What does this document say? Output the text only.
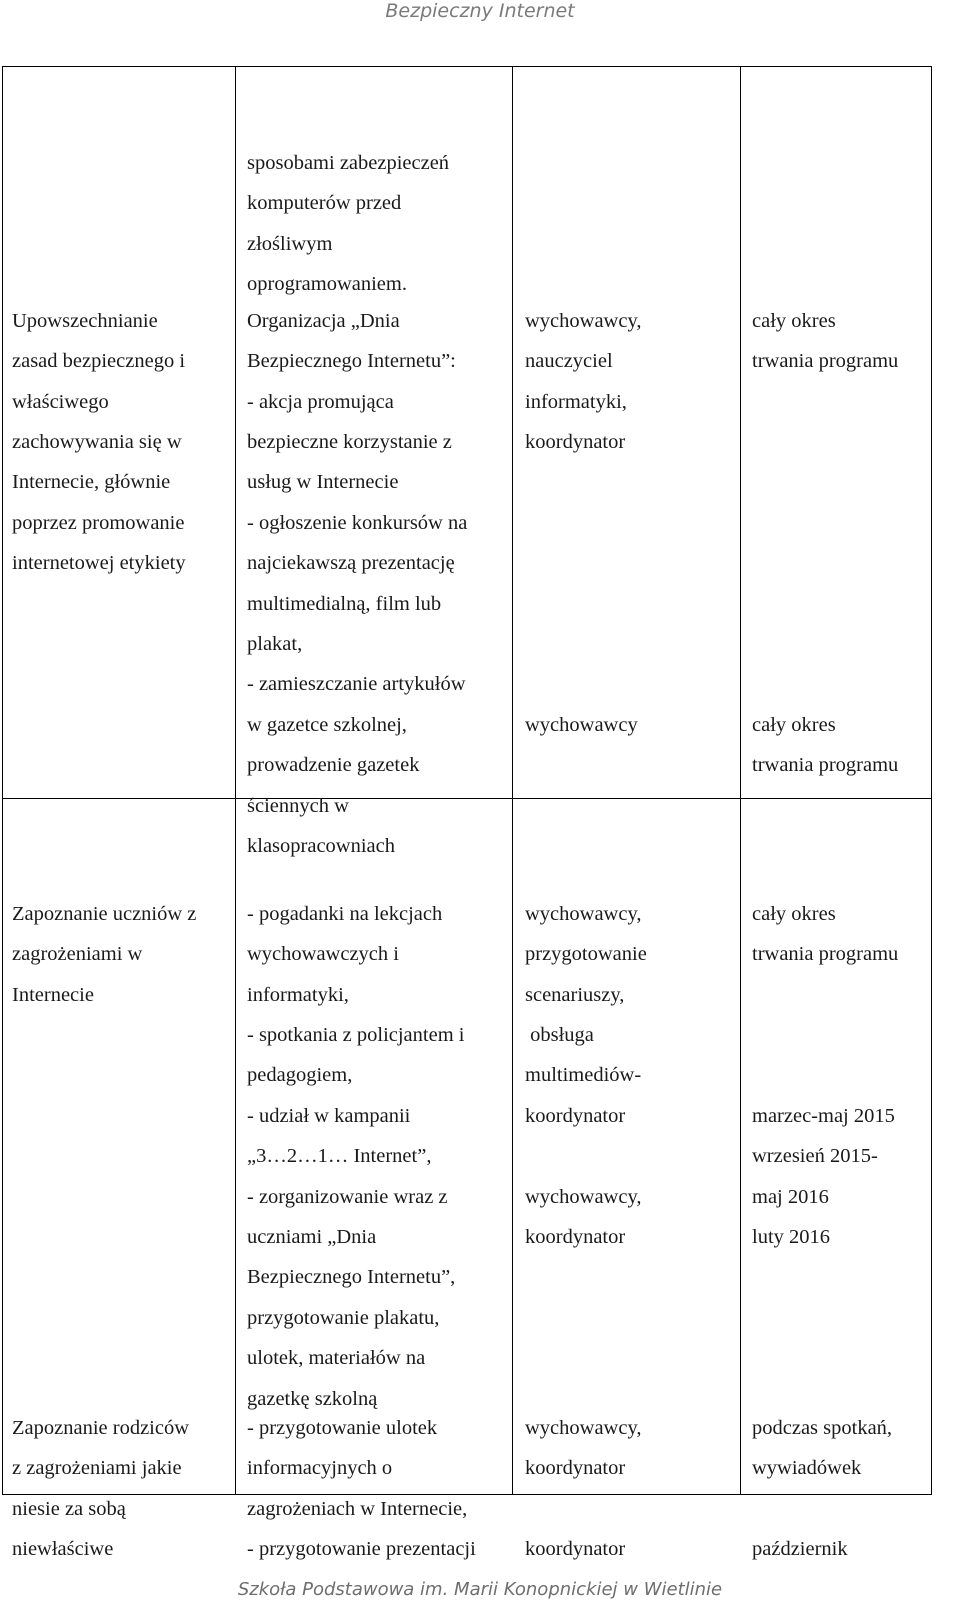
Bezpieczny Internet

sposobami zabezpieczeń
komputerów przed
złośliwym
oprogramowaniem.

Upowszechnianie
zasad bezpiecznego i
właściwego
zachowywania się w
Internecie, głównie
poprzez promowanie
internetowej etykiety

Organizacja „Dnia
Bezpiecznego Internetu”:
- akcja promująca
bezpieczne korzystanie z
usług w Internecie
- ogłoszenie konkursów na
najciekawszą prezentację
multimedialną, film lub
plakat,
- zamieszczanie artykułów
w gazetce szkolnej,
prowadzenie gazetek
ściennych w
klasopracowniach

wychowawcy,
nauczyciel
informatyki,
koordynator

wychowawcy

cały okres
trwania programu

cały okres
trwania programu

Zapoznanie uczniów z
zagrożeniami w
Internecie

- pogadanki na lekcjach
wychowawczych i
informatyki,
- spotkania z policjantem i
pedagogiem,
- udział w kampanii
„3…2…1… Internet”,
- zorganizowanie wraz z
uczniami „Dnia
Bezpiecznego Internetu”,
przygotowanie plakatu,
ulotek, materiałów na
gazetkę szkolną

wychowawcy,
przygotowanie
scenariuszy,
obsługa
multimediów-
koordynator

wychowawcy,
koordynator

cały okres
trwania programu

marzec-maj 2015
wrzesień 2015-
maj 2016
luty 2016

Zapoznanie rodziców
z zagrożeniami jakie
niesie za sobą
niewłaściwe

- przygotowanie ulotek
informacyjnych o
zagrożeniach w Internecie,
- przygotowanie prezentacji

wychowawcy,
koordynator

koordynator

podczas spotkań,
wywiadówek

październik

Szkoła Podstawowa im. Marii Konopnickiej w Wietlinie
